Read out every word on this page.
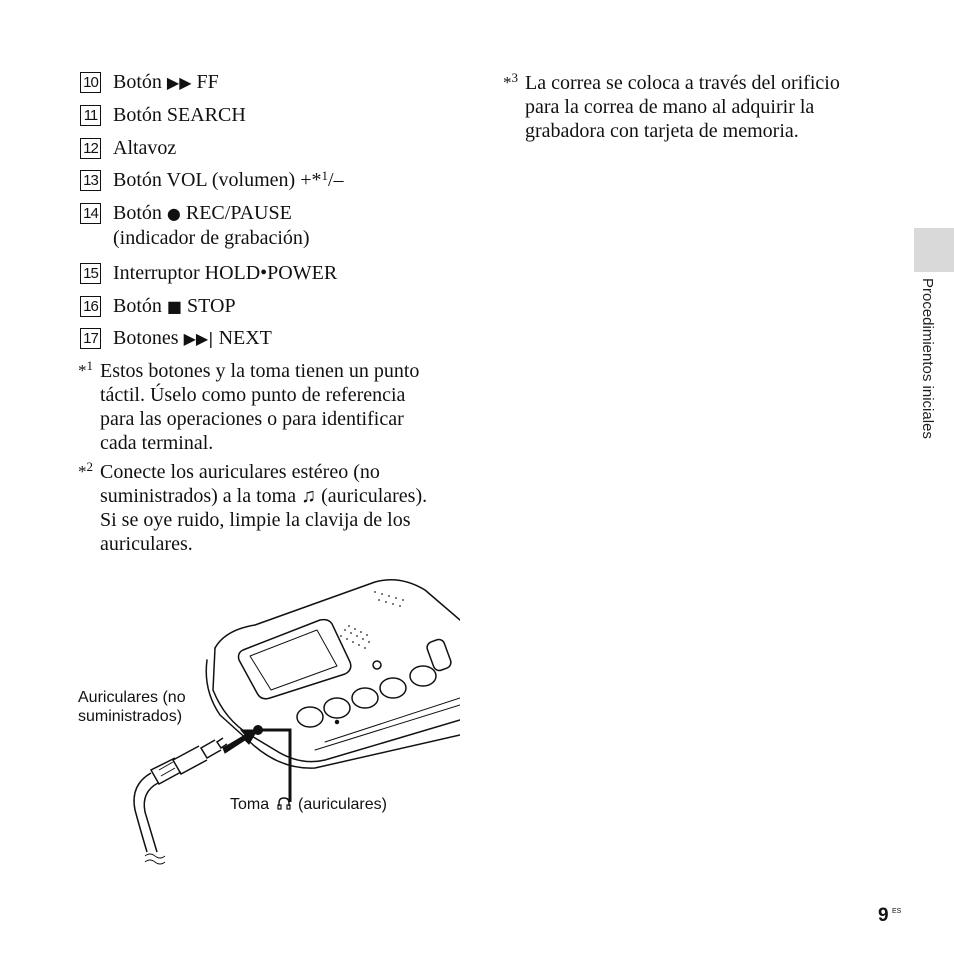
10 Botón ▶▶ FF
11 Botón SEARCH
12 Altavoz
13 Botón VOL (volumen) +*$^1$/–
14 Botón ● REC/PAUSE
(indicador de grabación)
15 Interruptor HOLD•POWER
16 Botón ■ STOP
17 Botones ▶▶| NEXT
*$^1$ Estos botones y la toma tienen un punto
táctil. Úselo como punto de referencia
para las operaciones o para identificar
cada terminal.
*$^2$ Conecte los auriculares estéreo (no
suministrados) a la toma ♫ (auriculares).
Si se oye ruido, limpie la clavija de los
auriculares.
*$^3$ La correa se coloca a través del orificio
para la correa de mano al adquirir la
grabadora con tarjeta de memoria.
Auriculares (no
suministrados)
Toma (auriculares)
Procedimientos iniciales
9 ES
